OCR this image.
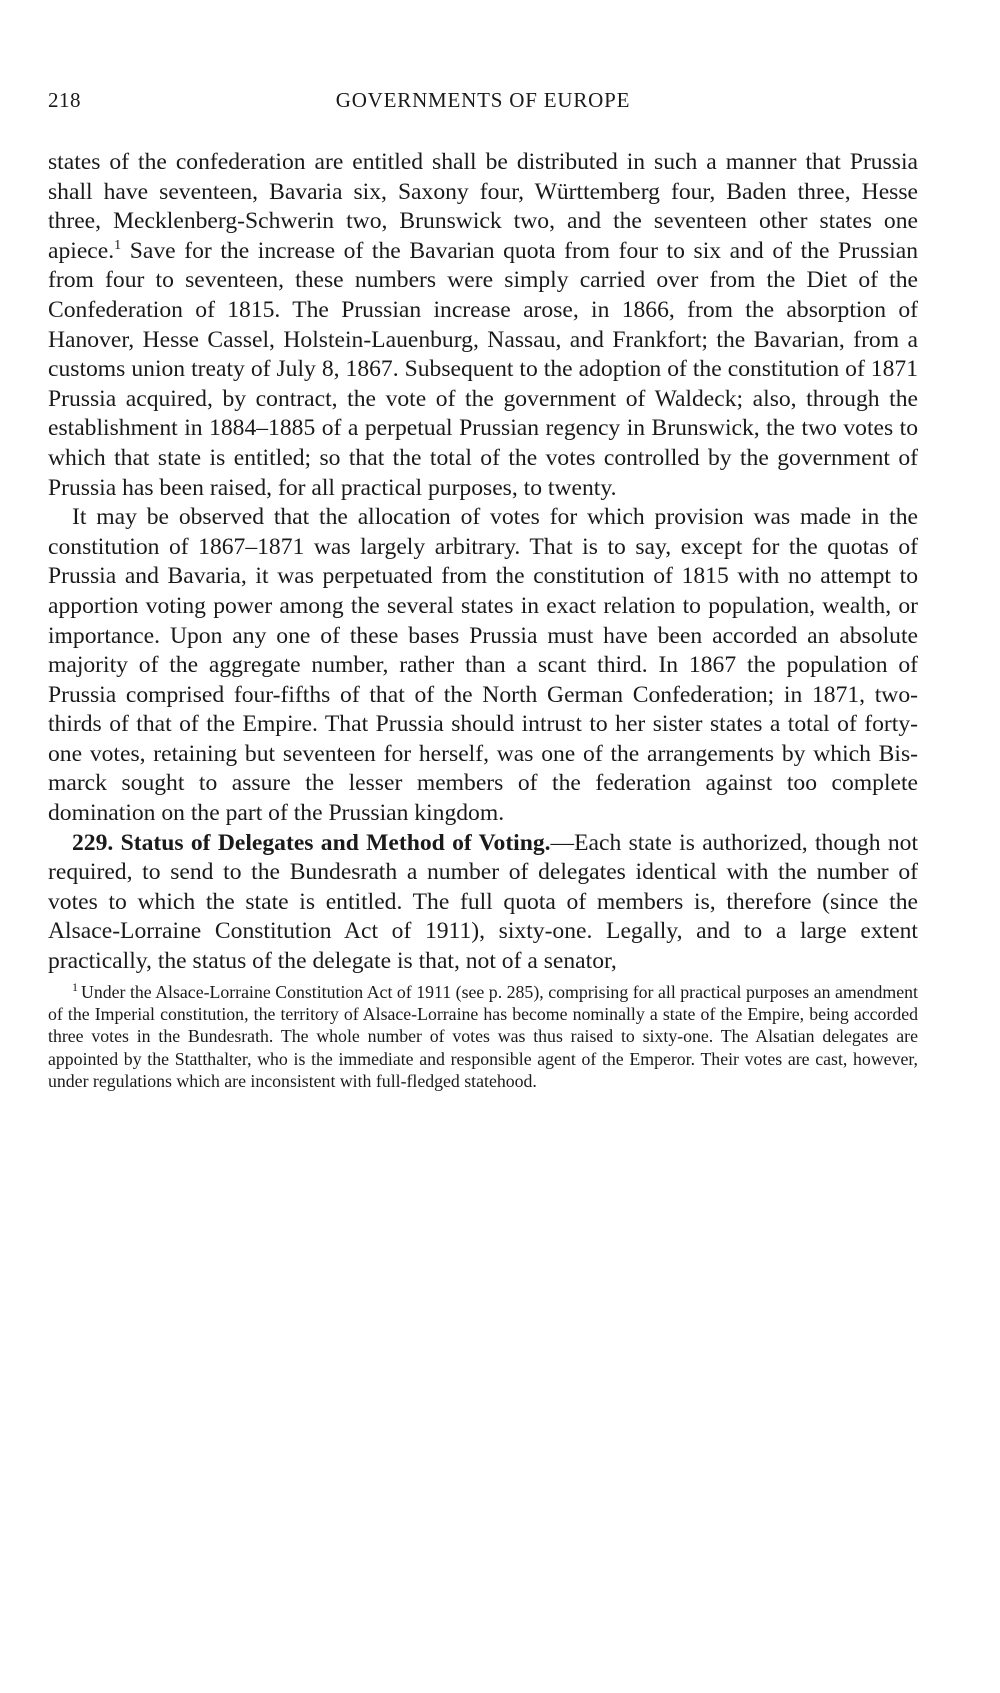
218	GOVERNMENTS OF EUROPE

states of the confederation are entitled shall be distributed in such a manner that Prussia shall have seventeen, Bavaria six, Saxony four, Württemberg four, Baden three, Hesse three, Mecklenberg-Schwerin two, Brunswick two, and the seventeen other states one apiece.$^1$ Save for the increase of the Bavarian quota from four to six and of the Prussian from four to seventeen, these numbers were simply carried over from the Diet of the Confederation of 1815. The Prussian increase arose, in 1866, from the absorption of Hanover, Hesse Cassel, Holstein-Lauenburg, Nassau, and Frankfort; the Bavarian, from a customs union treaty of July 8, 1867. Subsequent to the adoption of the constitution of 1871 Prussia acquired, by contract, the vote of the government of Waldeck; also, through the establishment in 1884–1885 of a perpetual Prussian regency in Brunswick, the two votes to which that state is entitled; so that the total of the votes controlled by the government of Prussia has been raised, for all practical purposes, to twenty.

It may be observed that the allocation of votes for which provision was made in the constitution of 1867–1871 was largely arbitrary. That is to say, except for the quotas of Prussia and Bavaria, it was perpetuated from the constitution of 1815 with no attempt to apportion voting power among the several states in exact relation to population, wealth, or importance. Upon any one of these bases Prussia must have been accorded an absolute majority of the aggregate number, rather than a scant third. In 1867 the population of Prussia comprised four-fifths of that of the North German Confederation; in 1871, two-thirds of that of the Empire. That Prussia should intrust to her sister states a total of forty-one votes, retaining but seventeen for herself, was one of the arrangements by which Bismarck sought to assure the lesser members of the federation against too complete domination on the part of the Prussian kingdom.

229. Status of Delegates and Method of Voting.—Each state is authorized, though not required, to send to the Bundesrath a number of delegates identical with the number of votes to which the state is entitled. The full quota of members is, therefore (since the Alsace-Lorraine Constitution Act of 1911), sixty-one. Legally, and to a large extent practically, the status of the delegate is that, not of a senator,

$^1$ Under the Alsace-Lorraine Constitution Act of 1911 (see p. 285), comprising for all practical purposes an amendment of the Imperial constitution, the territory of Alsace-Lorraine has become nominally a state of the Empire, being accorded three votes in the Bundesrath. The whole number of votes was thus raised to sixty-one. The Alsatian delegates are appointed by the Statthalter, who is the immediate and responsible agent of the Emperor. Their votes are cast, however, under regulations which are inconsistent with full-fledged statehood.
